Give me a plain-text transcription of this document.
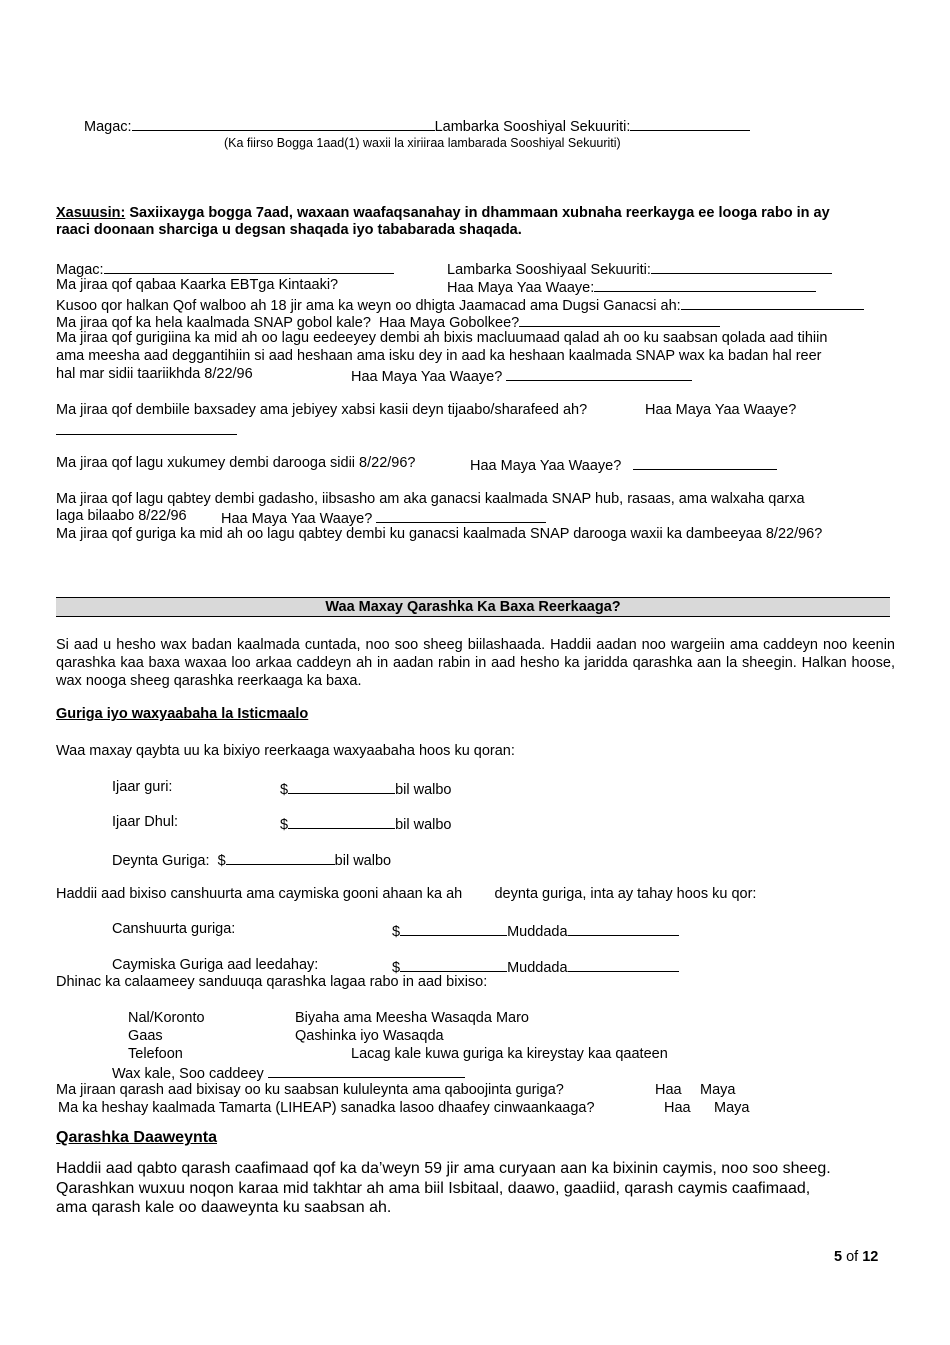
Magac:	Lambarka Sooshiyal Sekuuriti:
(Ka fiirso Bogga 1aad(1) waxii la xiriiraa lambarada Sooshiyal Sekuuriti)
Xasuusin: Saxiixayga bogga 7aad, waxaan waafaqsanahay in dhammaan xubnaha reerkayga ee looga rabo in ay
raaci doonaan sharciga u degsan shaqada iyo tababarada shaqada.
Magac:	Lambarka Sooshiyaal Sekuuriti:
Ma jiraa qof qabaa Kaarka EBTga Kintaaki?	Haa Maya Yaa Waaye:
Kusoo qor halkan Qof walboo ah 18 jir ama ka weyn oo dhigta Jaamacad ama Dugsi Ganacsi ah:
Ma jiraa qof ka hela kaalmada SNAP gobol kale? Haa Maya Gobolkee?
Ma jiraa qof gurigiina ka mid ah oo lagu eedeeyey dembi ah bixis macluumaad qalad ah oo ku saabsan qolada aad tihiin
ama meesha aad deggantihiin si aad heshaan ama isku dey in aad ka heshaan kaalmada SNAP wax ka badan hal reer
hal mar sidii taariikhda 8/22/96	Haa Maya Yaa Waaye?
Ma jiraa qof dembiile baxsadey ama jebiyey xabsi kasii deyn tijaabo/sharafeed ah?	Haa Maya Yaa Waaye?
Ma jiraa qof lagu xukumey dembi darooga sidii 8/22/96?	Haa Maya Yaa Waaye?
Ma jiraa qof lagu qabtey dembi gadasho, iibsasho am aka ganacsi kaalmada SNAP hub, rasaas, ama walxaha qarxa
laga bilaabo 8/22/96 Haa Maya Yaa Waaye?
Ma jiraa qof guriga ka mid ah oo lagu qabtey dembi ku ganacsi kaalmada SNAP darooga waxii ka dambeeyaa 8/22/96?
Waa Maxay Qarashka Ka Baxa Reerkaaga?
Si aad u hesho wax badan kaalmada cuntada, noo soo sheeg biilashaada. Haddii aadan noo wargeiin ama caddeyn noo keenin qarashka kaa baxa waxaa loo arkaa caddeyn ah in aadan rabin in aad hesho ka jaridda qarashka aan la sheegin. Halkan hoose, wax nooga sheeg qarashka reerkaaga ka baxa.
Guriga iyo waxyaabaha la Isticmaalo
Waa maxay qaybta uu ka bixiyo reerkaaga waxyaabaha hoos ku qoran:
Ijaar guri:	$	bil walbo
Ijaar Dhul:	$	bil walbo
Deynta Guriga: $	bil walbo
Haddii aad bixiso canshuurta ama caymiska gooni ahaan ka ah        deynta guriga, inta ay tahay hoos ku qor:
Canshuurta guriga:	$	Muddada
Caymiska Guriga aad leedahay:	$	Muddada
Dhinac ka calaameey sanduuqa qarashka lagaa rabo in aad bixiso:
Nal/Koronto	Biyaha ama Meesha Wasaqda Maro
Gaas	Qashinka iyo Wasaqda
Telefoon	Lacag kale kuwa guriga ka kireystay kaa qaateen
Wax kale, Soo caddeey
Ma jiraan qarash aad bixisay oo ku saabsan kululeynta ama qaboojinta guriga?	Haa Maya
Ma ka heshay kaalmada Tamarta (LIHEAP) sanadka lasoo dhaafey cinwaankaaga?	Haa Maya
Qarashka Daaweynta
Haddii aad qabto qarash caafimaad qof ka da’weyn 59 jir ama curyaan aan ka bixinin caymis, noo soo sheeg.
Qarashkan wuxuu noqon karaa mid takhtar ah ama biil Isbitaal, daawo, gaadiid, qarash caymis caafimaad,
ama qarash kale oo daaweynta ku saabsan ah.
5 of 12
